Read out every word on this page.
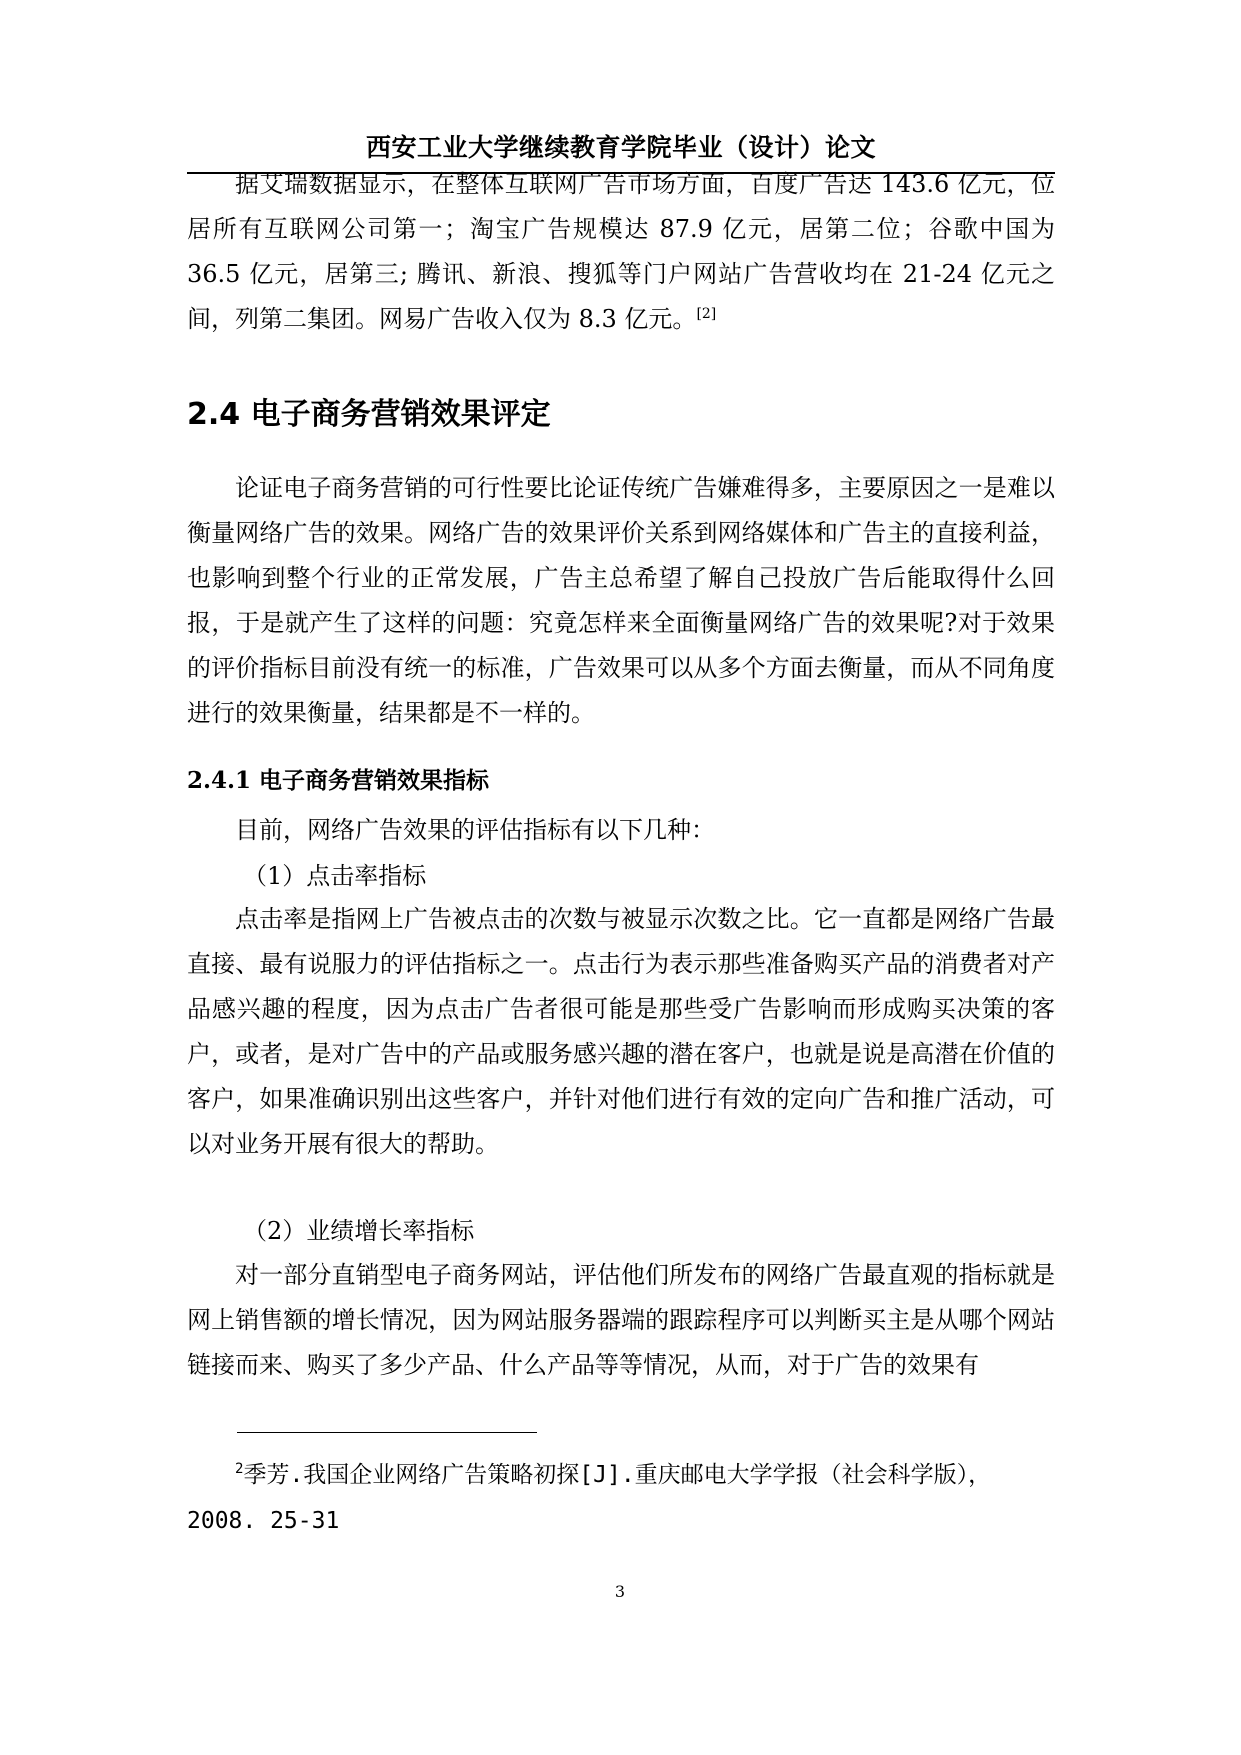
西安工业大学继续教育学院毕业（设计）论文

据艾瑞数据显示，在整体互联网广告市场方面，百度广告达 143.6 亿元，位居所有互联网公司第一；淘宝广告规模达 87.9 亿元，居第二位；谷歌中国为 36.5 亿元，居第三; 腾讯、新浪、搜狐等门户网站广告营收均在 21-24 亿元之间，列第二集团。网易广告收入仅为 8.3 亿元。[2]

2.4 电子商务营销效果评定

论证电子商务营销的可行性要比论证传统广告嫌难得多，主要原因之一是难以衡量网络广告的效果。网络广告的效果评价关系到网络媒体和广告主的直接利益，也影响到整个行业的正常发展，广告主总希望了解自己投放广告后能取得什么回报，于是就产生了这样的问题：究竟怎样来全面衡量网络广告的效果呢?对于效果的评价指标目前没有统一的标准，广告效果可以从多个方面去衡量，而从不同角度进行的效果衡量，结果都是不一样的。

2.4.1 电子商务营销效果指标

目前，网络广告效果的评估指标有以下几种：

（1）点击率指标

点击率是指网上广告被点击的次数与被显示次数之比。它一直都是网络广告最直接、最有说服力的评估指标之一。点击行为表示那些准备购买产品的消费者对产品感兴趣的程度，因为点击广告者很可能是那些受广告影响而形成购买决策的客户，或者，是对广告中的产品或服务感兴趣的潜在客户，也就是说是高潜在价值的客户，如果准确识别出这些客户，并针对他们进行有效的定向广告和推广活动，可以对业务开展有很大的帮助。

（2）业绩增长率指标

对一部分直销型电子商务网站，评估他们所发布的网络广告最直观的指标就是网上销售额的增长情况，因为网站服务器端的跟踪程序可以判断买主是从哪个网站链接而来、购买了多少产品、什么产品等等情况，从而，对于广告的效果有

$^2$季芳.我国企业网络广告策略初探[J].重庆邮电大学学报（社会科学版），2008. 25-31

3
